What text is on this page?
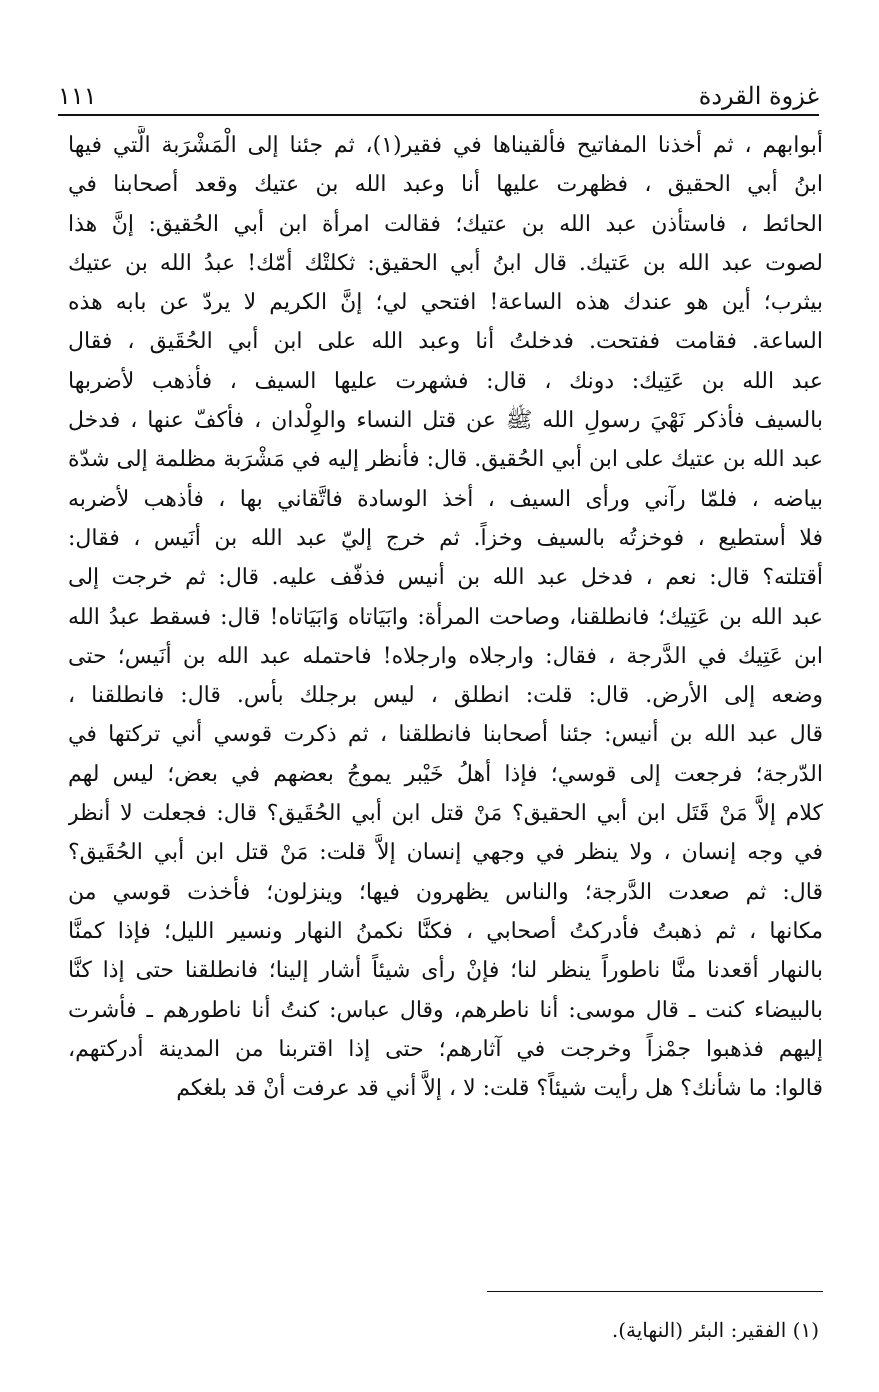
غزوة القردة
١١١
أبوابهم ، ثم أخذنا المفاتيح فألقيناها في فقير(١)، ثم جئنا إلى الْمَشْرَبة الَّتي فيها
ابنُ أبي الحقيق ، فظهرت عليها أنا وعبد الله بن عتيك وقعد أصحابنا في
الحائط ، فاستأذن عبد الله بن عتيك؛ فقالت امرأة ابن أبي الحُقيق: إنَّ هذا
لصوت عبد الله بن عَتيك. قال ابنُ أبي الحقيق: ثكلتْك أمّك! عبدُ الله بن عتيك
بيثرب؛ أين هو عندك هذه الساعة! افتحي لي؛ إنَّ الكريم لا يردّ عن بابه هذه
الساعة. فقامت ففتحت. فدخلتُ أنا وعبد الله على ابن أبي الحُقَيق ، فقال
عبد الله بن عَتِيك: دونك ، قال: فشهرت عليها السيف ، فأذهب لأضربها
بالسيف فأذكر نَهْيَ رسولِ الله ﷺ عن قتل النساء والوِلْدان ، فأكفّ عنها ، فدخل
عبد الله بن عتيك على ابن أبي الحُقيق. قال: فأنظر إليه في مَشْرَبة مظلمة إلى شدّة
بياضه ، فلمّا رآني ورأى السيف ، أخذ الوسادة فاتَّقاني بها ، فأذهب لأضربه
فلا أستطيع ، فوخزتُه بالسيف وخزاً. ثم خرج إليّ عبد الله بن أنَيس ، فقال:
أقتلته؟ قال: نعم ، فدخل عبد الله بن أنيس فذفّف عليه. قال: ثم خرجت إلى
عبد الله بن عَتِيك؛ فانطلقنا، وصاحت المرأة: وابَيَاتاه وَابَيَاتاه! قال: فسقط عبدُ الله
ابن عَتِيك في الدَّرجة ، فقال: وارجلاه وارجلاه! فاحتمله عبد الله بن أنَيس؛ حتى
وضعه إلى الأرض. قال: قلت: انطلق ، ليس برجلك بأس. قال: فانطلقنا ،
قال عبد الله بن أنيس: جئنا أصحابنا فانطلقنا ، ثم ذكرت قوسي أني تركتها في
الدّرجة؛ فرجعت إلى قوسي؛ فإذا أهلُ خَيْبر يموجُ بعضهم في بعض؛ ليس لهم
كلام إلاَّ مَنْ قَتَل ابن أبي الحقيق؟ مَنْ قتل ابن أبي الحُقَيق؟ قال: فجعلت لا أنظر
في وجه إنسان ، ولا ينظر في وجهي إنسان إلاَّ قلت: مَنْ قتل ابن أبي الحُقَيق؟
قال: ثم صعدت الدَّرجة؛ والناس يظهرون فيها؛ وينزلون؛ فأخذت قوسي من
مكانها ، ثم ذهبتُ فأدركتُ أصحابي ، فكنَّا نكمنُ النهار ونسير الليل؛ فإذا كمنَّا
بالنهار أقعدنا منَّا ناطوراً ينظر لنا؛ فإنْ رأى شيئاً أشار إلينا؛ فانطلقنا حتى إذا كنَّا
بالبيضاء كنت ـ قال موسى: أنا ناطرهم، وقال عباس: كنتُ أنا ناطورهم ـ فأشرت
إليهم فذهبوا جمْزاً وخرجت في آثارهم؛ حتى إذا اقتربنا من المدينة أدركتهم،
قالوا: ما شأنك؟ هل رأيت شيئاً؟ قلت: لا ، إلاَّ أني قد عرفت أنْ قد بلغكم
(١) الفقير: البئر (النهاية).
